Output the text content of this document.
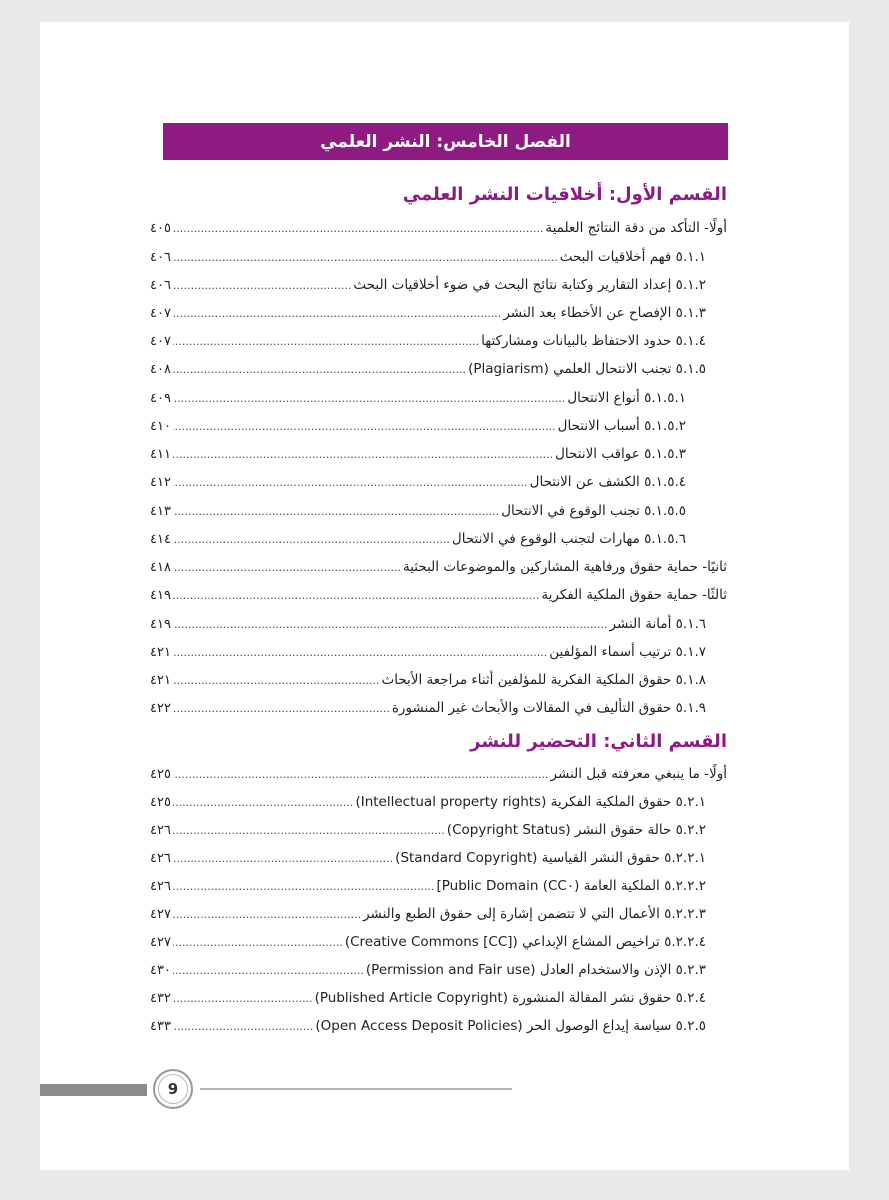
الفصل الخامس: النشر العلمي
القسم الأول: أخلاقيات النشر العلمي
أولًا- التأكد من دقة النتائج العلمية
.....
٤٠٥
٥.١.١ فهم أخلاقيات البحث
.....
٤٠٦
٥.١.٢ إعداد التقارير وكتابة نتائج البحث في ضوء أخلاقيات البحث
.....
٤٠٦
٥.١.٣ الإفصاح عن الأخطاء بعد النشر
.....
٤٠٧
٥.١.٤ حدود الاحتفاظ بالبيانات ومشاركتها
.....
٤٠٧
٥.١.٥ تجنب الانتحال العلمي (Plagiarism)
.....
٤٠٨
٥.١.٥.١ أنواع الانتحال
.....
٤٠٩
٥.١.٥.٢ أسباب الانتحال
.....
٤١٠
٥.١.٥.٣ عواقب الانتحال
.....
٤١١
٥.١.٥.٤ الكشف عن الانتحال
.....
٤١٢
٥.١.٥.٥ تجنب الوقوع في الانتحال
.....
٤١٣
٥.١.٥.٦ مهارات لتجنب الوقوع في الانتحال
.....
٤١٤
ثانيًا- حماية حقوق ورفاهية المشاركين والموضوعات البحثية
.....
٤١٨
ثالثًا- حماية حقوق الملكية الفكرية
.....
٤١٩
٥.١.٦ أمانة النشر
.....
٤١٩
٥.١.٧ ترتيب أسماء المؤلفين
.....
٤٢١
٥.١.٨ حقوق الملكية الفكرية للمؤلفين أثناء مراجعة الأبحاث
.....
٤٢١
٥.١.٩ حقوق التأليف في المقالات والأبحاث غير المنشورة
.....
٤٢٢
القسم الثاني: التحضير للنشر
أولًا- ما ينبغي معرفته قبل النشر
.....
٤٢٥
٥.٢.١ حقوق الملكية الفكرية (Intellectual property rights)
.....
٤٢٥
٥.٢.٢ حالة حقوق النشر (Copyright Status)
.....
٤٢٦
٥.٢.٢.١ حقوق النشر القياسية (Standard Copyright)
.....
٤٢٦
٥.٢.٢.٢ الملكية العامة (CC٠) Public Domain]
.....
٤٢٦
٥.٢.٢.٣ الأعمال التي لا تتضمن إشارة إلى حقوق الطبع والنشر
.....
٤٢٧
٥.٢.٢.٤ تراخيص المشاع الإبداعي ([Creative Commons [CC)
.....
٤٢٧
٥.٢.٣ الإذن والاستخدام العادل (Permission and Fair use)
.....
٤٣٠
٥.٢.٤ حقوق نشر المقالة المنشورة (Published Article Copyright)
.....
٤٣٢
٥.٢.٥ سياسة إيداع الوصول الحر (Open Access Deposit Policies)
.....
٤٣٣
9
